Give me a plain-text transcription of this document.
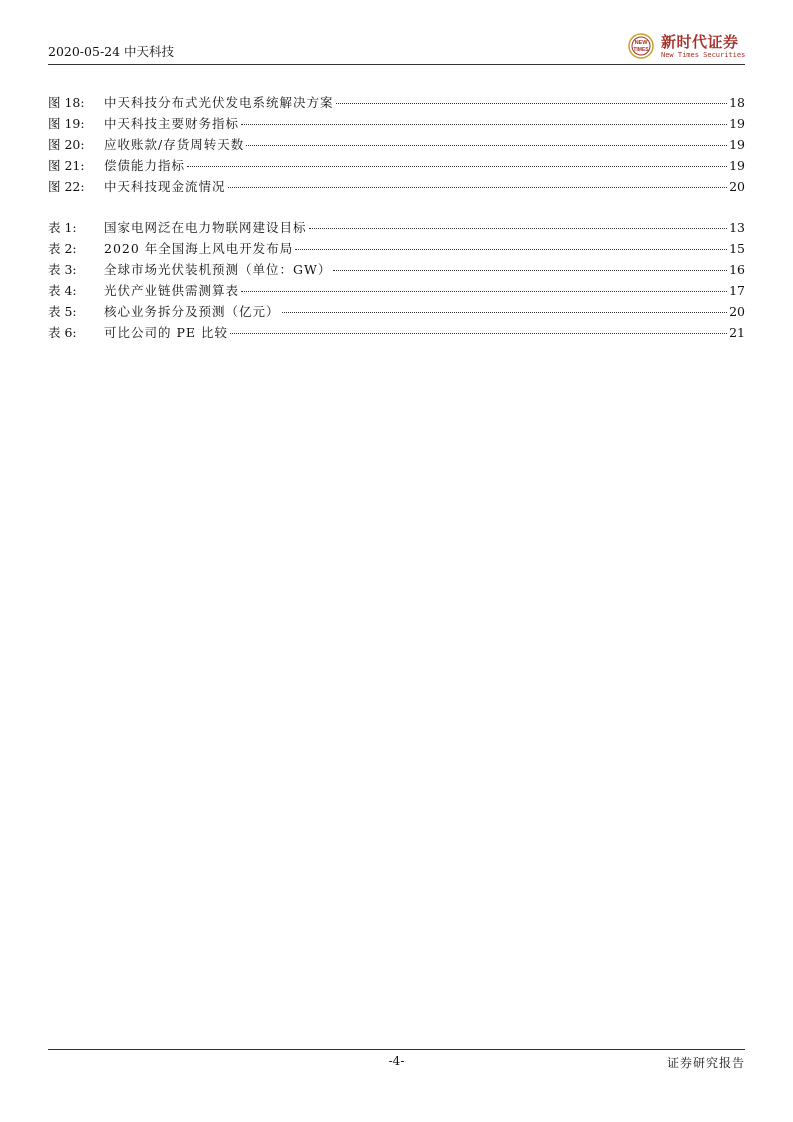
2020-05-24 中天科技
NEW
TIMES 新时代证券
New Times Securities
图 18:	中天科技分布式光伏发电系统解决方案	18
图 19:	中天科技主要财务指标	19
图 20:	应收账款/存货周转天数	19
图 21:	偿债能力指标	19
图 22:	中天科技现金流情况	20
表 1:	国家电网泛在电力物联网建设目标	13
表 2:	2020 年全国海上风电开发布局	15
表 3:	全球市场光伏装机预测（单位：GW）	16
表 4:	光伏产业链供需测算表	17
表 5:	核心业务拆分及预测（亿元）	20
表 6:	可比公司的 PE 比较	21
-4-	证券研究报告
